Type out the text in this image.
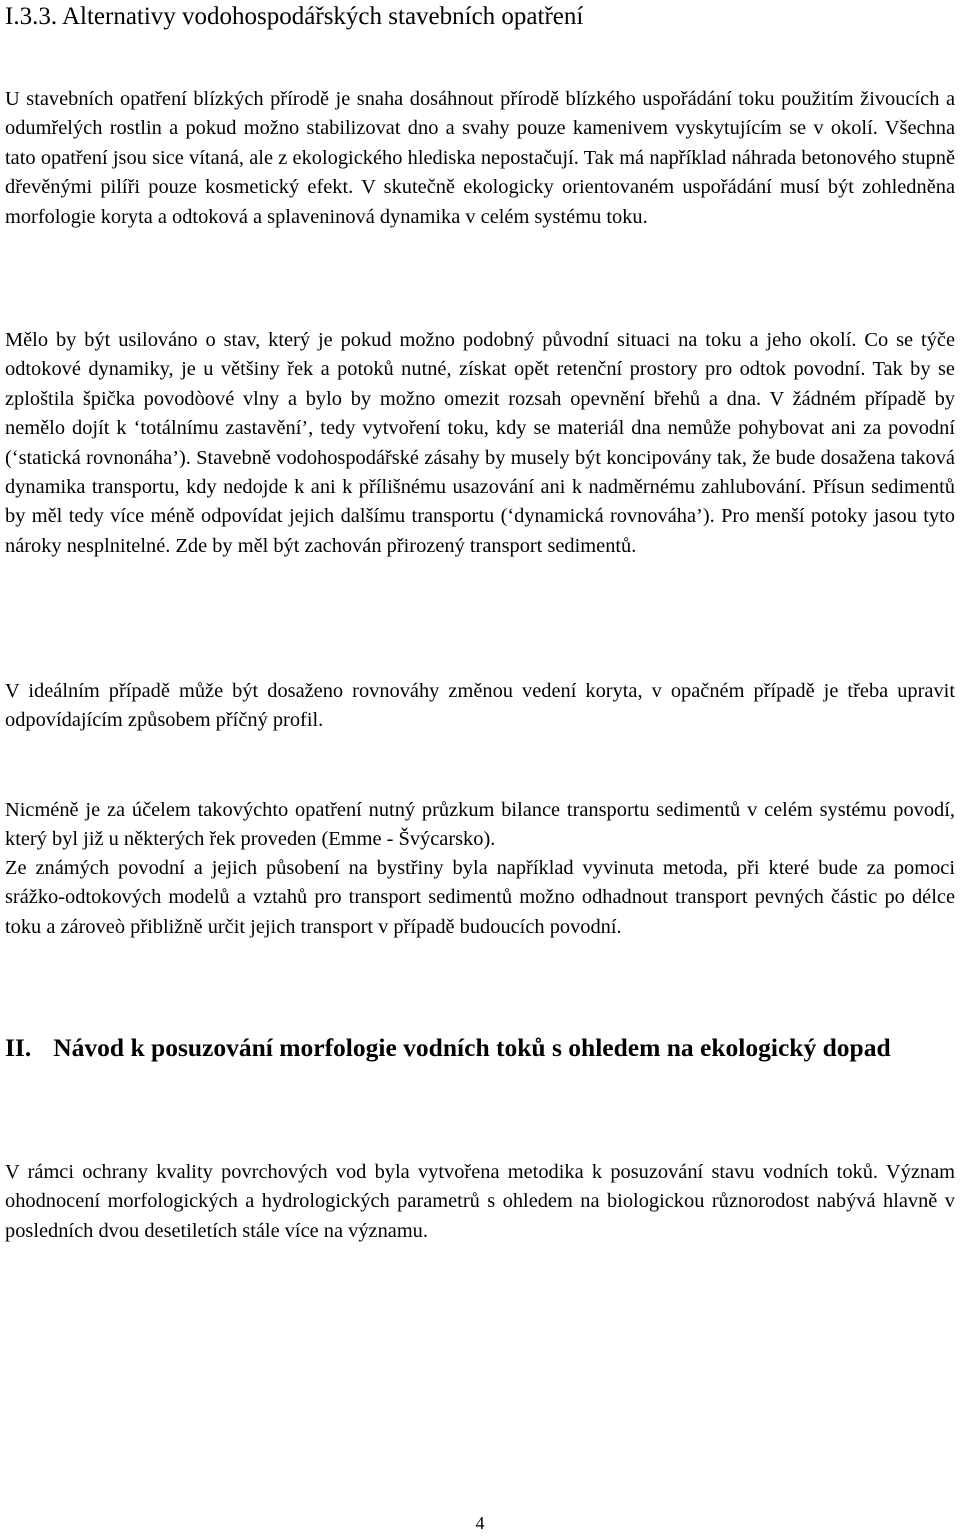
I.3.3. Alternativy vodohospodářských stavebních opatření

U stavebních opatření blízkých přírodě je snaha dosáhnout přírodě blízkého uspořádání toku použitím živoucích a odumřelých rostlin a pokud možno stabilizovat dno a svahy pouze kamenivem vyskytujícím se v okolí. Všechna tato opatření jsou sice vítaná, ale z ekologického hlediska nepostačují. Tak má například náhrada betonového stupně dřevěnými pilíři pouze kosmetický efekt. V skutečně ekologicky orientovaném uspořádání musí být zohledněna morfologie koryta a odtoková a splaveninová dynamika v celém systému toku.

Mělo by být usilováno o stav, který je pokud možno podobný původní situaci na toku a jeho okolí. Co se týče odtokové dynamiky, je u většiny řek a potoků nutné, získat opět retenční prostory pro odtok povodní. Tak by se zploštila špička povodòové vlny a bylo by možno omezit rozsah opevnění břehů a dna. V žádném případě by nemělo dojít k ‘totálnímu zastavění’, tedy vytvoření toku, kdy se materiál dna nemůže pohybovat ani za povodní (‘statická rovnonáha’). Stavebně vodohospodářské zásahy by musely být koncipovány tak, že bude dosažena taková dynamika transportu, kdy nedojde k ani k přílišnému usazování ani k nadměrnému zahlubování. Přísun sedimentů by měl tedy více méně odpovídat jejich dalšímu transportu (‘dynamická rovnováha’). Pro menší potoky jasou tyto nároky nesplnitelné. Zde by měl být zachován přirozený transport sedimentů.

V ideálním případě může být dosaženo rovnováhy změnou vedení koryta, v opačném případě je třeba upravit odpovídajícím způsobem příčný profil.

Nicméně je za účelem takovýchto opatření nutný průzkum bilance transportu sedimentů v celém systému povodí, který byl již u některých řek proveden (Emme - Švýcarsko).

Ze známých povodní a jejich působení na bystřiny byla například vyvinuta metoda, při které bude za pomoci srážko-odtokových modelů a vztahů pro transport sedimentů možno odhadnout transport pevných částic po délce toku a zároveò přibližně určit jejich transport v případě budoucích povodní.

II. Návod k posuzování morfologie vodních toků s ohledem na ekologický dopad

V rámci ochrany kvality povrchových vod byla vytvořena metodika k posuzování stavu vodních toků. Význam ohodnocení morfologických a hydrologických parametrů s ohledem na biologickou různorodost nabývá hlavně v posledních dvou desetiletích stále více na významu.

4
